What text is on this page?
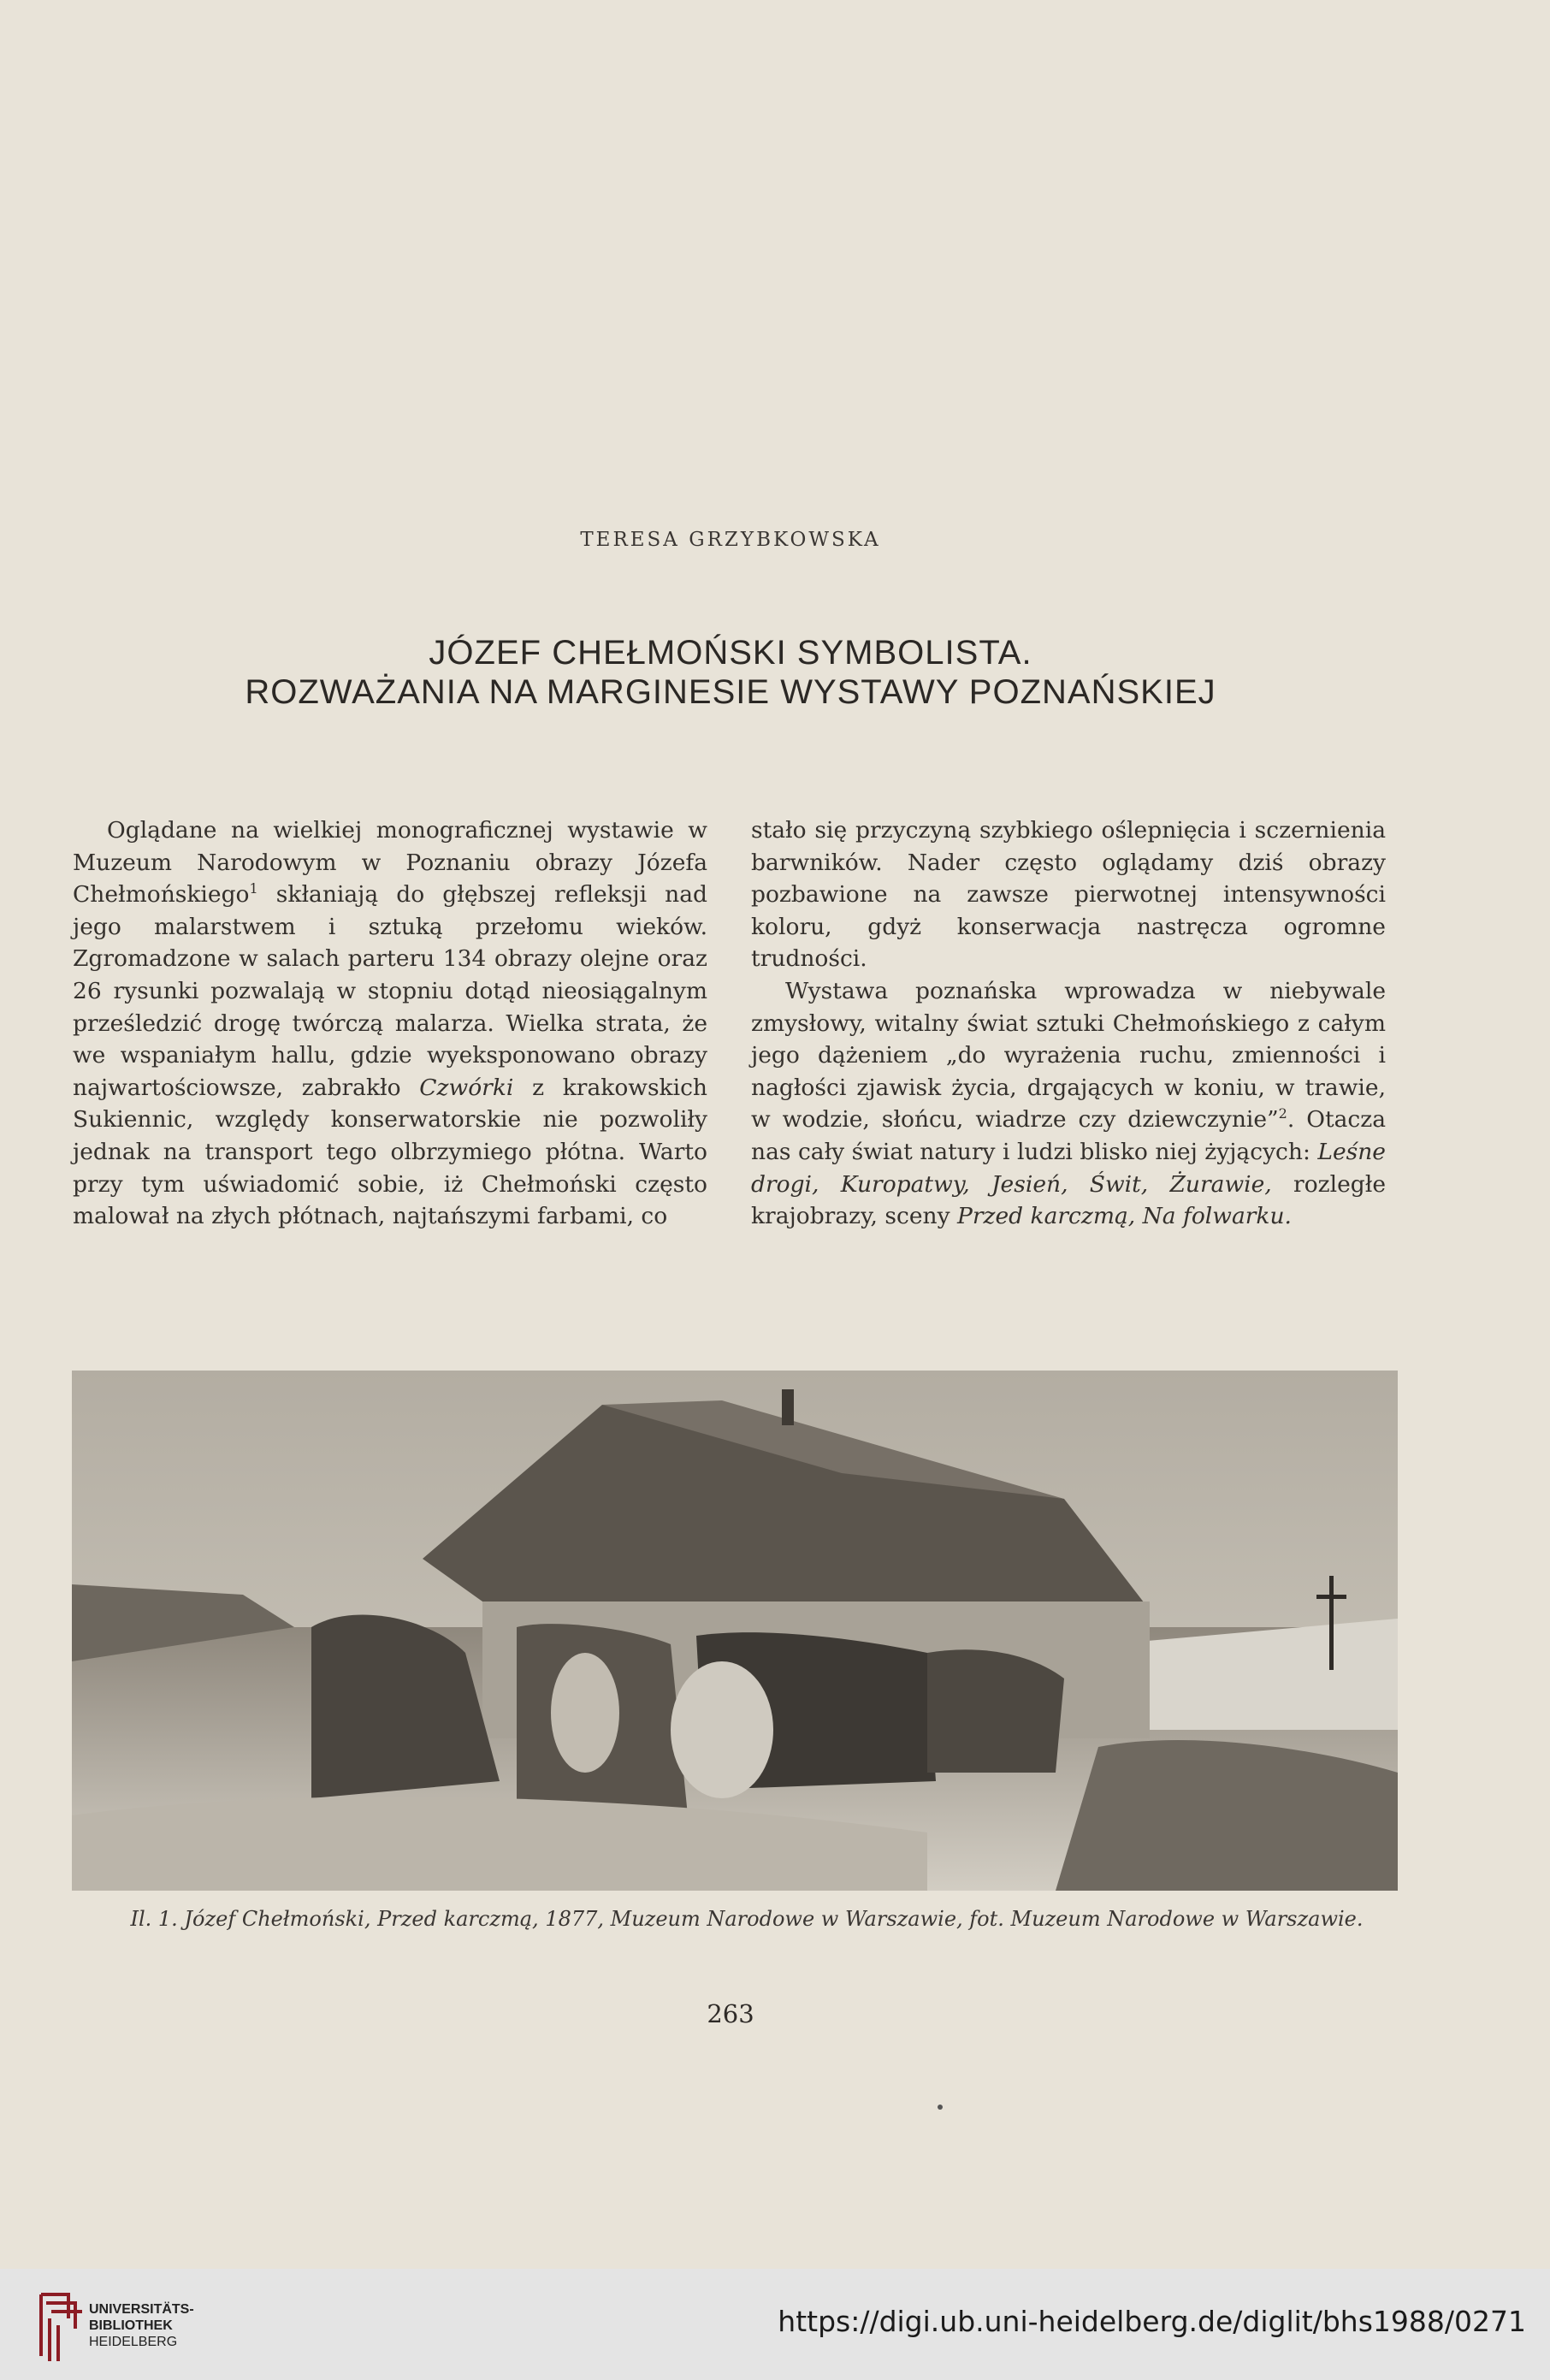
TERESA GRZYBKOWSKA
JÓZEF CHEŁMOŃSKI SYMBOLISTA.
ROZWAŻANIA NA MARGINESIE WYSTAWY POZNAŃSKIEJ

Oglądane na wielkiej monograficznej wystawie w Muzeum Narodowym w Poznaniu obrazy Józefa Chełmońskiego$^1$ skłaniają do głębszej refleksji nad jego malarstwem i sztuką przełomu wieków. Zgromadzone w salach parteru 134 obrazy olejne oraz 26 rysunki pozwalają w stopniu dotąd nieosiągalnym prześledzić drogę twórczą malarza. Wielka strata, że we wspaniałym hallu, gdzie wyeksponowano obrazy najwartościowsze, zabrakło Czwórki z krakowskich Sukiennic, względy konserwatorskie nie pozwoliły jednak na transport tego olbrzymiego płótna. Warto przy tym uświadomić sobie, iż Chełmoński często malował na złych płótnach, najtańszymi farbami, co

stało się przyczyną szybkiego oślepnięcia i sczernienia barwników. Nader często oglądamy dziś obrazy pozbawione na zawsze pierwotnej intensywności koloru, gdyż konserwacja nastręcza ogromne trudności.

Wystawa poznańska wprowadza w niebywale zmysłowy, witalny świat sztuki Chełmońskiego z całym jego dążeniem „do wyrażenia ruchu, zmienności i nagłości zjawisk życia, drgających w koniu, w trawie, w wodzie, słońcu, wiadrze czy dziewczynie”$^2$. Otacza nas cały świat natury i ludzi blisko niej żyjących: Leśne drogi, Kuropatwy, Jesień, Świt, Żurawie, rozległe krajobrazy, sceny Przed karczmą, Na folwarku.

Il. 1. Józef Chełmoński, Przed karczmą, 1877, Muzeum Narodowe w Warszawie, fot. Muzeum Narodowe w Warszawie.
263
UNIVERSITÄTS-
BIBLIOTHEK
HEIDELBERG
https://digi.ub.uni-heidelberg.de/diglit/bhs1988/0271
